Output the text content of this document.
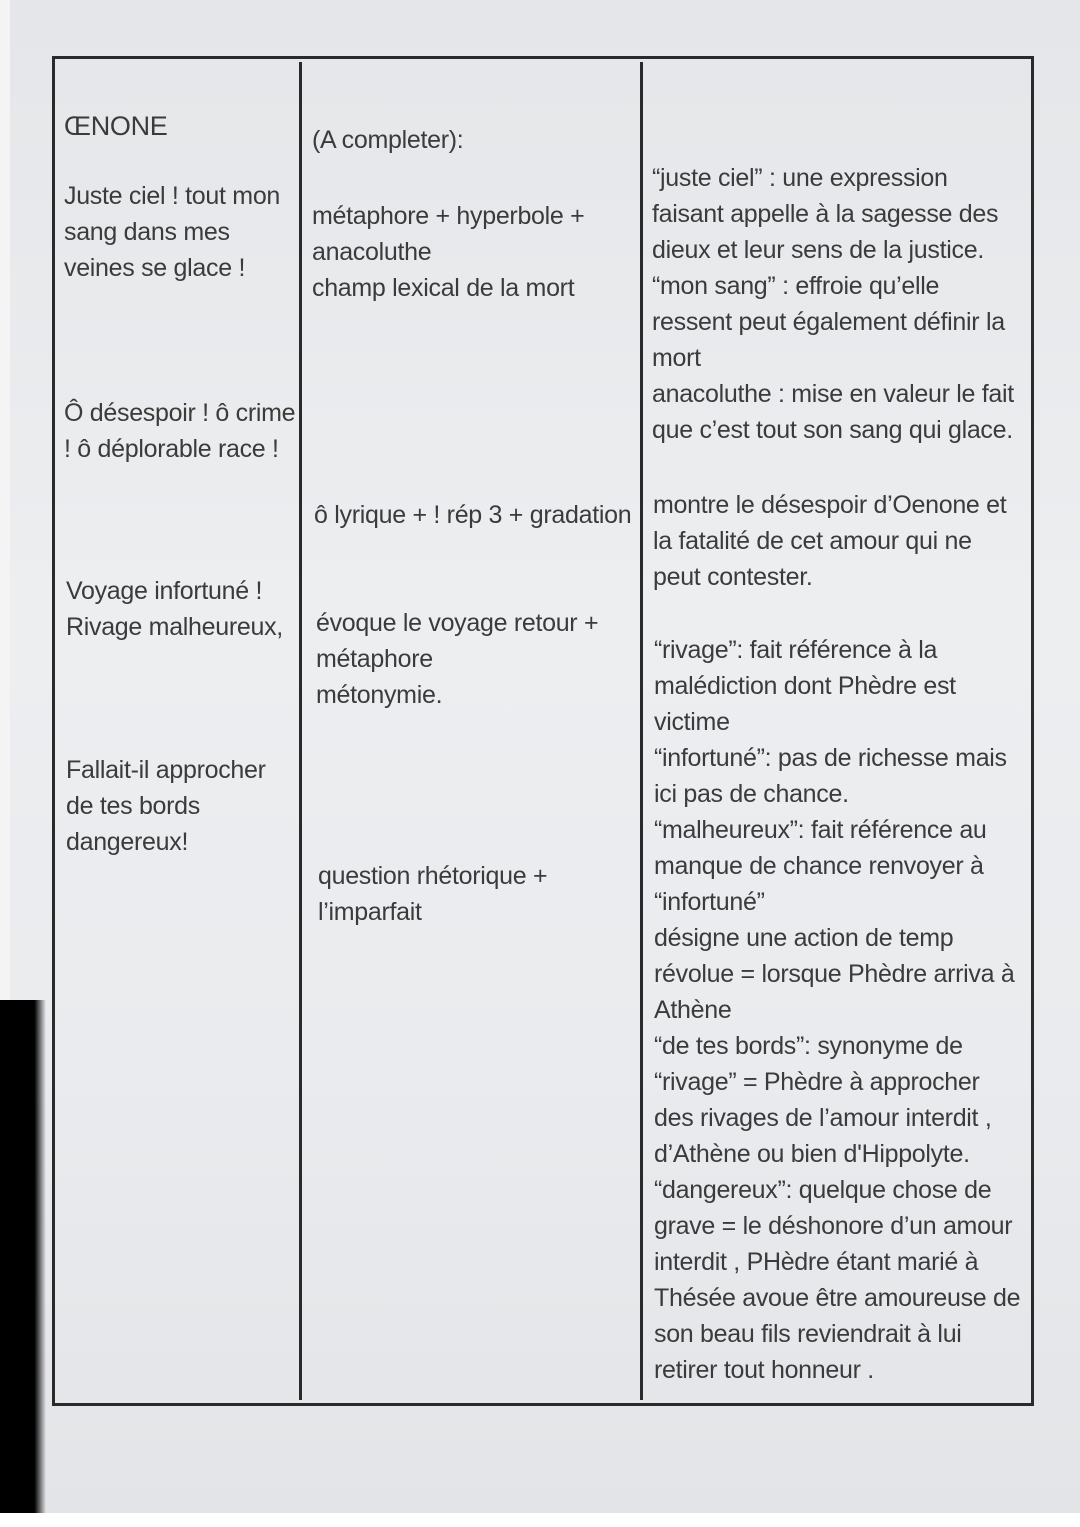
ŒNONE

Juste ciel ! tout mon

sang dans mes

veines se glace !

Ô désespoir ! ô crime

! ô déplorable race !

Voyage infortuné !

Rivage malheureux,

Fallait-il approcher

de tes bords

dangereux!

(A completer):

métaphore + hyperbole +

anacoluthe

champ lexical de la mort

ô lyrique + ! rép 3 + gradation

évoque le voyage retour +

métaphore

métonymie.

question rhétorique +

l’imparfait

“juste ciel” : une expression

faisant appelle à la sagesse des

dieux et leur sens de la justice.

“mon sang” : effroie qu’elle

ressent peut également définir la

mort

anacoluthe : mise en valeur le fait

que c’est tout son sang qui glace.

montre le désespoir d’Oenone et

la fatalité de cet amour qui ne

peut contester.

“rivage”: fait référence à la

malédiction dont Phèdre est

victime

“infortuné”: pas de richesse mais

ici pas de chance.

“malheureux”: fait référence au

manque de chance renvoyer à

“infortuné”

désigne une action de temp

révolue = lorsque Phèdre arriva à

Athène

“de tes bords”: synonyme de

“rivage” = Phèdre à approcher

des rivages de l’amour interdit ,

d’Athène ou bien d'Hippolyte.

“dangereux”: quelque chose de

grave = le déshonore d’un amour

interdit , PHèdre étant marié à

Thésée avoue être amoureuse de

son beau fils reviendrait à lui

retirer tout honneur .
